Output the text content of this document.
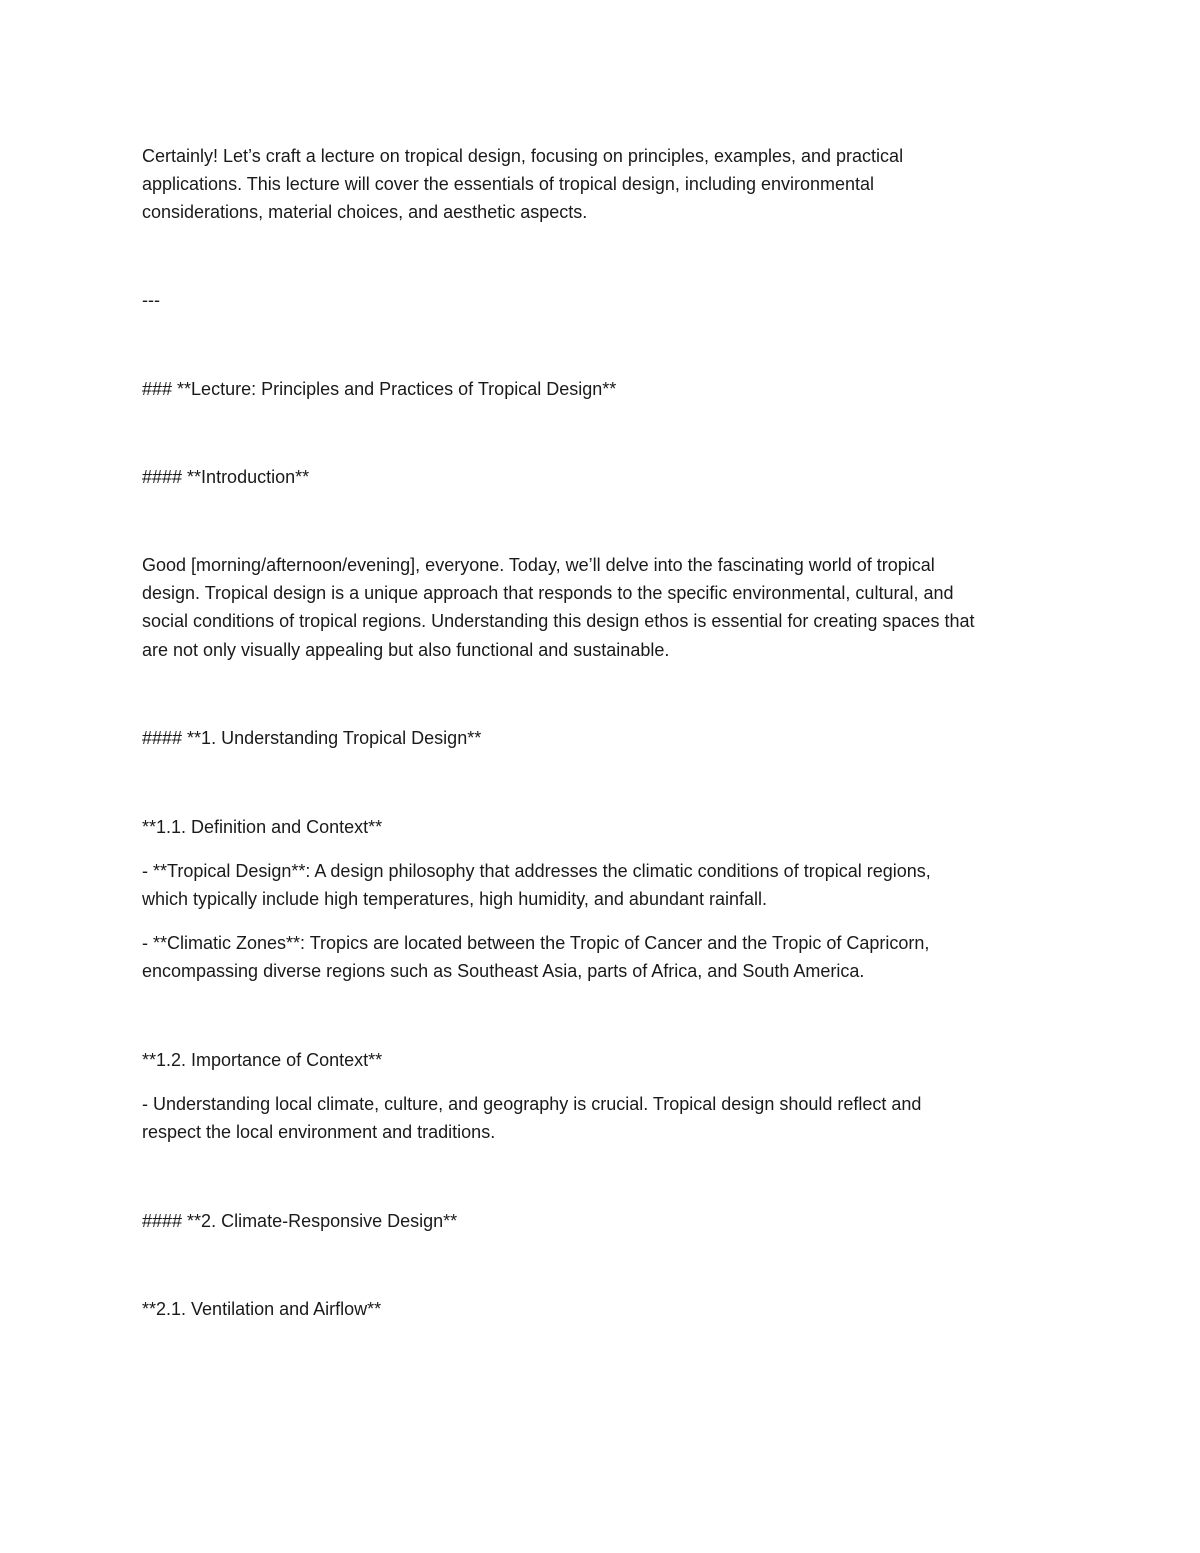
Certainly! Let’s craft a lecture on tropical design, focusing on principles, examples, and practical
applications. This lecture will cover the essentials of tropical design, including environmental
considerations, material choices, and aesthetic aspects.
---
### **Lecture: Principles and Practices of Tropical Design**
#### **Introduction**
Good [morning/afternoon/evening], everyone. Today, we’ll delve into the fascinating world of tropical
design. Tropical design is a unique approach that responds to the specific environmental, cultural, and
social conditions of tropical regions. Understanding this design ethos is essential for creating spaces that
are not only visually appealing but also functional and sustainable.
#### **1. Understanding Tropical Design**
**1.1. Definition and Context**
- **Tropical Design**: A design philosophy that addresses the climatic conditions of tropical regions,
which typically include high temperatures, high humidity, and abundant rainfall.
- **Climatic Zones**: Tropics are located between the Tropic of Cancer and the Tropic of Capricorn,
encompassing diverse regions such as Southeast Asia, parts of Africa, and South America.
**1.2. Importance of Context**
- Understanding local climate, culture, and geography is crucial. Tropical design should reflect and
respect the local environment and traditions.
#### **2. Climate-Responsive Design**
**2.1. Ventilation and Airflow**
